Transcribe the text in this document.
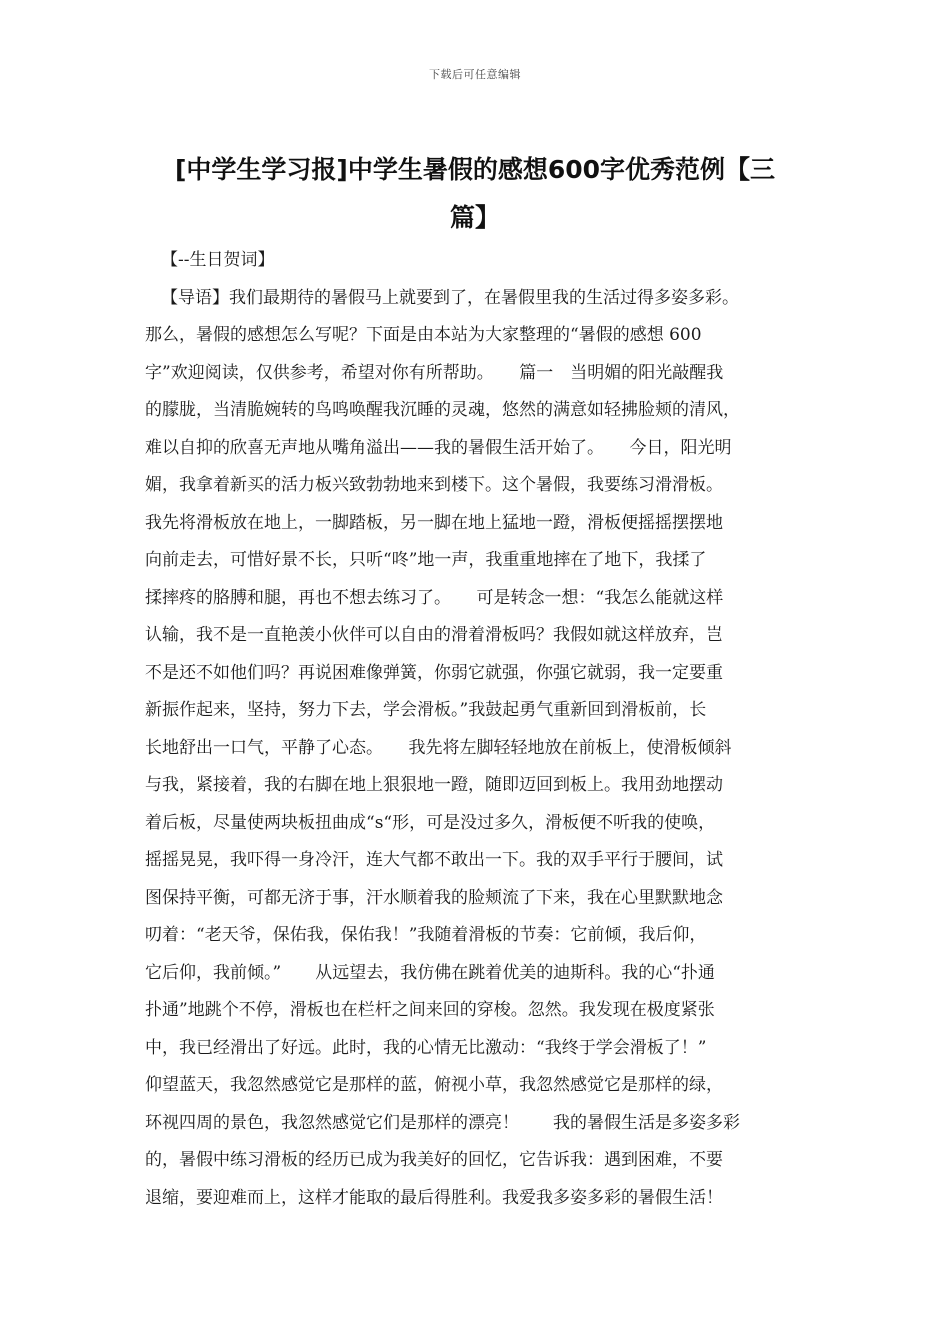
下载后可任意编辑
[中学生学习报]中学生暑假的感想600字优秀范例【三
篇】
【--生日贺词】
【导语】我们最期待的暑假马上就要到了，在暑假里我的生活过得多姿多彩。
那么，暑假的感想怎么写呢？下面是由本站为大家整理的“暑假的感想 600
字”欢迎阅读，仅供参考，希望对你有所帮助。　　篇一　当明媚的阳光敲醒我
的朦胧，当清脆婉转的鸟鸣唤醒我沉睡的灵魂，悠然的满意如轻拂脸颊的清风，
难以自抑的欣喜无声地从嘴角溢出——我的暑假生活开始了。　　今日，阳光明
媚，我拿着新买的活力板兴致勃勃地来到楼下。这个暑假，我要练习滑滑板。
我先将滑板放在地上，一脚踏板，另一脚在地上猛地一蹬，滑板便摇摇摆摆地
向前走去，可惜好景不长，只听“咚”地一声，我重重地摔在了地下，我揉了
揉摔疼的胳膊和腿，再也不想去练习了。　　可是转念一想：“我怎么能就这样
认输，我不是一直艳羡小伙伴可以自由的滑着滑板吗？我假如就这样放弃，岂
不是还不如他们吗？再说困难像弹簧，你弱它就强，你强它就弱，我一定要重
新振作起来，坚持，努力下去，学会滑板。”我鼓起勇气重新回到滑板前，长
长地舒出一口气，平静了心态。　　我先将左脚轻轻地放在前板上，使滑板倾斜
与我，紧接着，我的右脚在地上狠狠地一蹬，随即迈回到板上。我用劲地摆动
着后板，尽量使两块板扭曲成“s“形，可是没过多久，滑板便不听我的使唤，
摇摇晃晃，我吓得一身冷汗，连大气都不敢出一下。我的双手平行于腰间，试
图保持平衡，可都无济于事，汗水顺着我的脸颊流了下来，我在心里默默地念
叨着：“老天爷，保佑我，保佑我！”我随着滑板的节奏：它前倾，我后仰，
它后仰，我前倾。”　　从远望去，我仿佛在跳着优美的迪斯科。我的心“扑通
扑通”地跳个不停，滑板也在栏杆之间来回的穿梭。忽然。我发现在极度紧张
中，我已经滑出了好远。此时，我的心情无比激动：“我终于学会滑板了！”
仰望蓝天，我忽然感觉它是那样的蓝，俯视小草，我忽然感觉它是那样的绿，
环视四周的景色，我忽然感觉它们是那样的漂亮！　　我的暑假生活是多姿多彩
的，暑假中练习滑板的经历已成为我美好的回忆，它告诉我：遇到困难，不要
退缩，要迎难而上，这样才能取的最后得胜利。我爱我多姿多彩的暑假生活！
